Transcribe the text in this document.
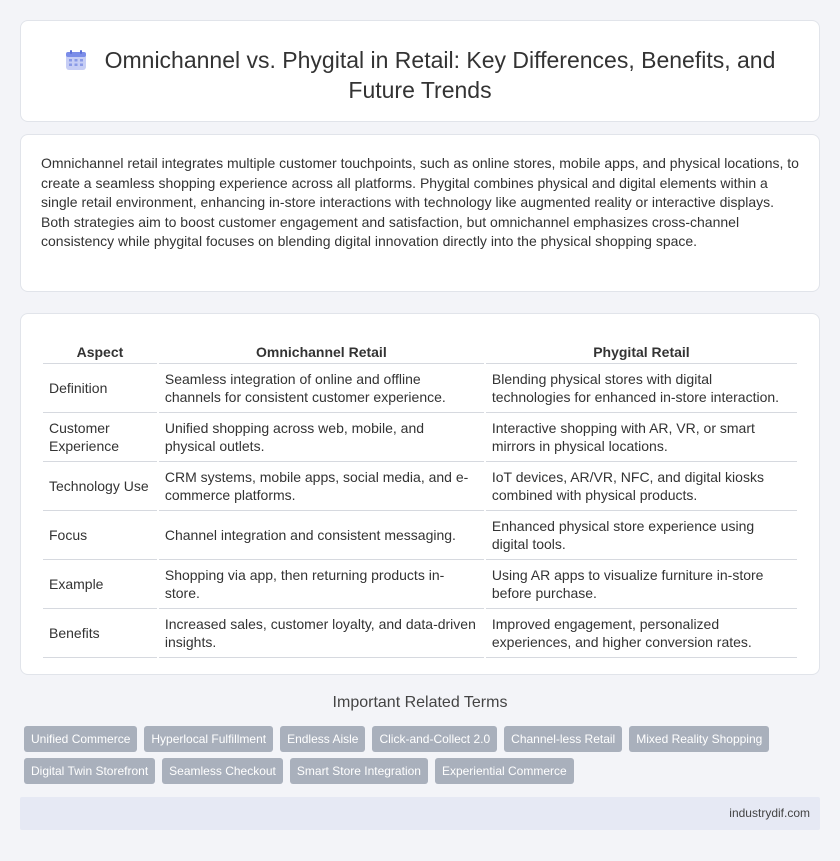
Omnichannel vs. Phygital in Retail: Key Differences, Benefits, and Future Trends

Omnichannel retail integrates multiple customer touchpoints, such as online stores, mobile apps, and physical locations, to create a seamless shopping experience across all platforms. Phygital combines physical and digital elements within a single retail environment, enhancing in-store interactions with technology like augmented reality or interactive displays. Both strategies aim to boost customer engagement and satisfaction, but omnichannel emphasizes cross-channel consistency while phygital focuses on blending digital innovation directly into the physical shopping space.

Aspect	Omnichannel Retail	Phygital Retail
Definition	Seamless integration of online and offline channels for consistent customer experience.	Blending physical stores with digital technologies for enhanced in-store interaction.
Customer Experience	Unified shopping across web, mobile, and physical outlets.	Interactive shopping with AR, VR, or smart mirrors in physical locations.
Technology Use	CRM systems, mobile apps, social media, and e-commerce platforms.	IoT devices, AR/VR, NFC, and digital kiosks combined with physical products.
Focus	Channel integration and consistent messaging.	Enhanced physical store experience using digital tools.
Example	Shopping via app, then returning products in-store.	Using AR apps to visualize furniture in-store before purchase.
Benefits	Increased sales, customer loyalty, and data-driven insights.	Improved engagement, personalized experiences, and higher conversion rates.
Important Related Terms
Unified Commerce	Hyperlocal Fulfillment	Endless Aisle	Click-and-Collect 2.0	Channel-less Retail	Mixed Reality Shopping
Digital Twin Storefront	Seamless Checkout	Smart Store Integration	Experiential Commerce
industrydif.com
